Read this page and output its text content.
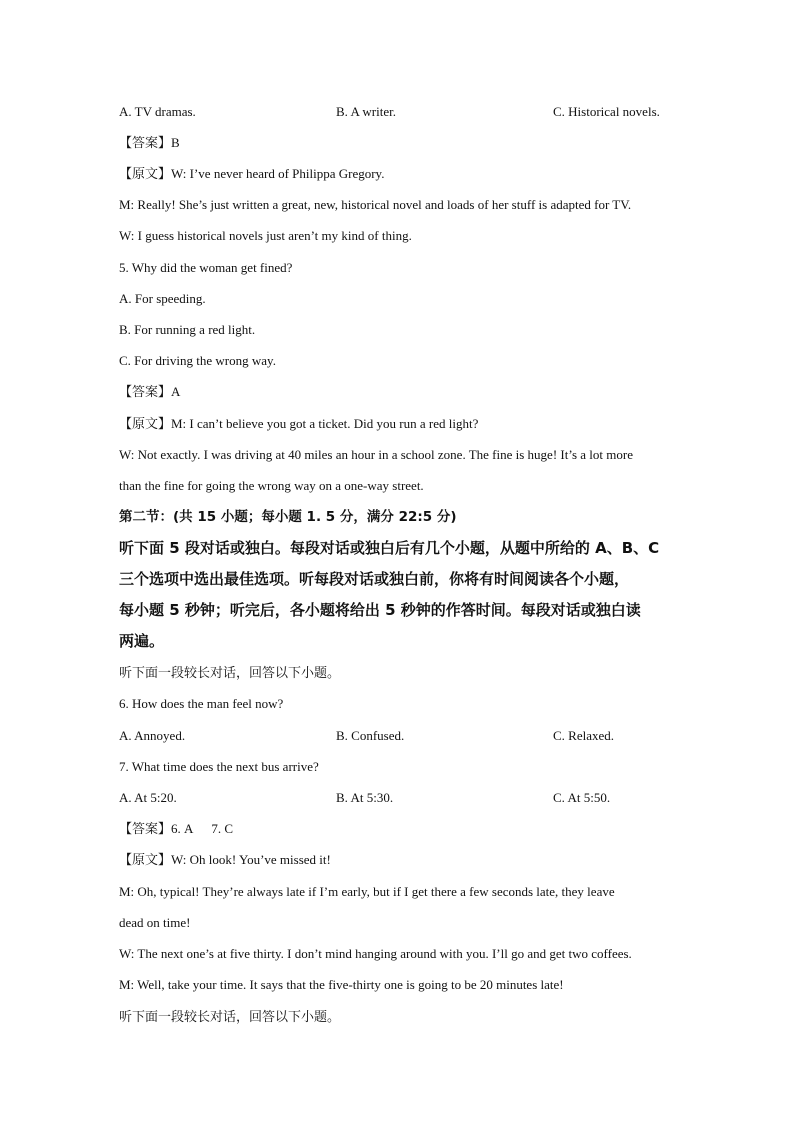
A. TV dramas.	B. A writer.	C. Historical novels.
【答案】B
【原文】W: I’ve never heard of Philippa Gregory.
M: Really! She’s just written a great, new, historical novel and loads of her stuff is adapted for TV.
W: I guess historical novels just aren’t my kind of thing.
5. Why did the woman get fined?
A. For speeding.
B. For running a red light.
C. For driving the wrong way.
【答案】A
【原文】M: I can’t believe you got a ticket. Did you run a red light?
W: Not exactly. I was driving at 40 miles an hour in a school zone. The fine is huge! It’s a lot more
than the fine for going the wrong way on a one-way street.
第二节：(共 15 小题；每小题 1. 5 分，满分 22:5 分)
听下面 5 段对话或独白。每段对话或独白后有几个小题，从题中所给的 A、B、C
三个选项中选出最佳选项。听每段对话或独白前，你将有时间阅读各个小题，
每小题 5 秒钟；听完后，各小题将给出 5 秒钟的作答时间。每段对话或独白读
两遍。
听下面一段较长对话，回答以下小题。
6. How does the man feel now?
A. Annoyed.	B. Confused.	C. Relaxed.
7. What time does the next bus arrive?
A. At 5:20.	B. At 5:30.	C. At 5:50.
【答案】6. A 7. C
【原文】W: Oh look! You’ve missed it!
M: Oh, typical! They’re always late if I’m early, but if I get there a few seconds late, they leave
dead on time!
W: The next one’s at five thirty. I don’t mind hanging around with you. I’ll go and get two coffees.
M: Well, take your time. It says that the five-thirty one is going to be 20 minutes late!
听下面一段较长对话，回答以下小题。
